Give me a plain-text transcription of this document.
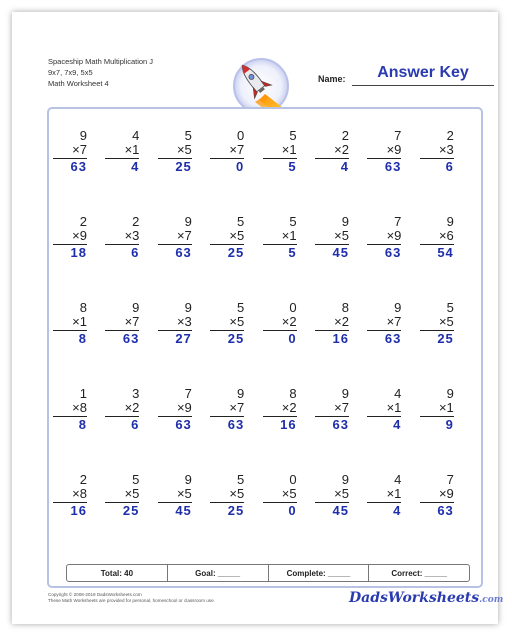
Spaceship Math Multiplication J
9x7, 7x9, 5x5
Math Worksheet 4
Answer Key
Name:
9
×7
63
4
×1
4
5
×5
25
0
×7
0
5
×1
5
2
×2
4
7
×9
63
2
×3
6
2
×9
18
2
×3
6
9
×7
63
5
×5
25
5
×1
5
9
×5
45
7
×9
63
9
×6
54
8
×1
8
9
×7
63
9
×3
27
5
×5
25
0
×2
0
8
×2
16
9
×7
63
5
×5
25
1
×8
8
3
×2
6
7
×9
63
9
×7
63
8
×2
16
9
×7
63
4
×1
4
9
×1
9
2
×8
16
5
×5
25
9
×5
45
5
×5
25
0
×5
0
9
×5
45
4
×1
4
7
×9
63
Total: 40	Goal: _____	Complete: _____	Correct: _____
Copyright © 2008-2019 DadsWorksheets.com
These Math Worksheets are provided for personal, homeschool or classroom use.	DadsWorksheets.com
